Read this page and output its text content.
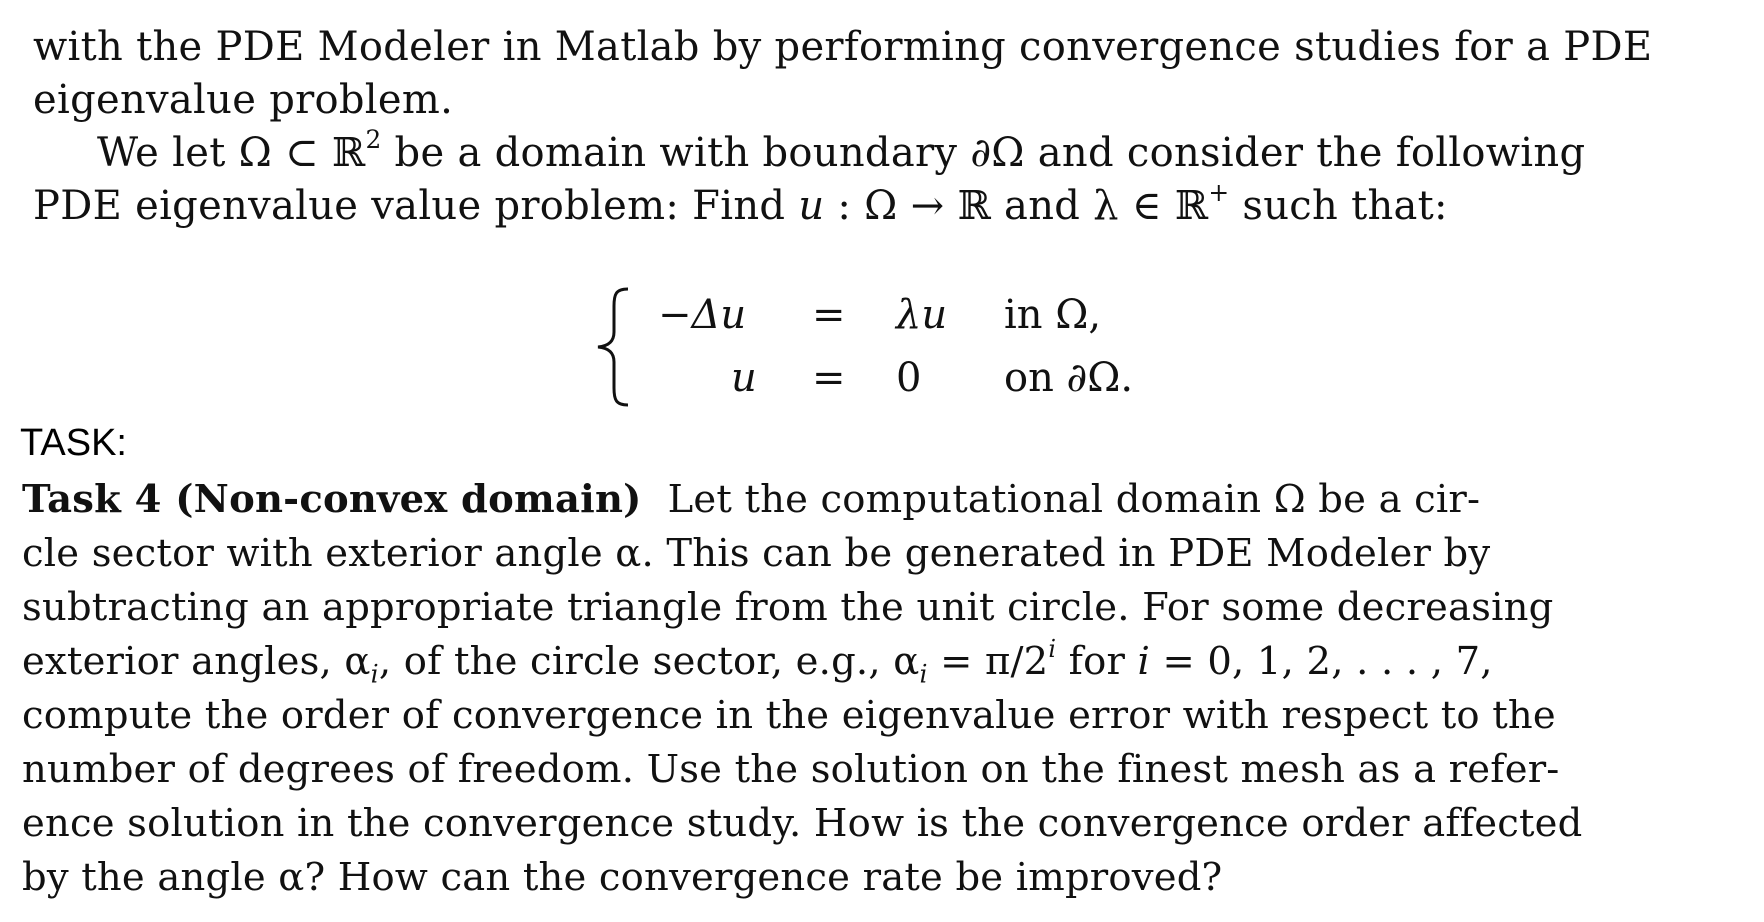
with the PDE Modeler in Matlab by performing convergence studies for a PDE
eigenvalue problem.
We let Ω ⊂ ℝ$^2$ be a domain with boundary ∂Ω and consider the following
PDE eigenvalue value problem: Find u : Ω → ℝ and λ ∈ ℝ+ such that:
−Δu = λu in Ω,
u = 0 on ∂Ω.
TASK:
Task 4 (Non-convex domain) Let the computational domain Ω be a cir-
cle sector with exterior angle α. This can be generated in PDE Modeler by
subtracting an appropriate triangle from the unit circle. For some decreasing
exterior angles, $\alpha_i$, of the circle sector, e.g., $\alpha_i = \pi/2^i$ for i = 0, 1, 2, . . . , 7,
compute the order of convergence in the eigenvalue error with respect to the
number of degrees of freedom. Use the solution on the finest mesh as a refer-
ence solution in the convergence study. How is the convergence order affected
by the angle α? How can the convergence rate be improved?
